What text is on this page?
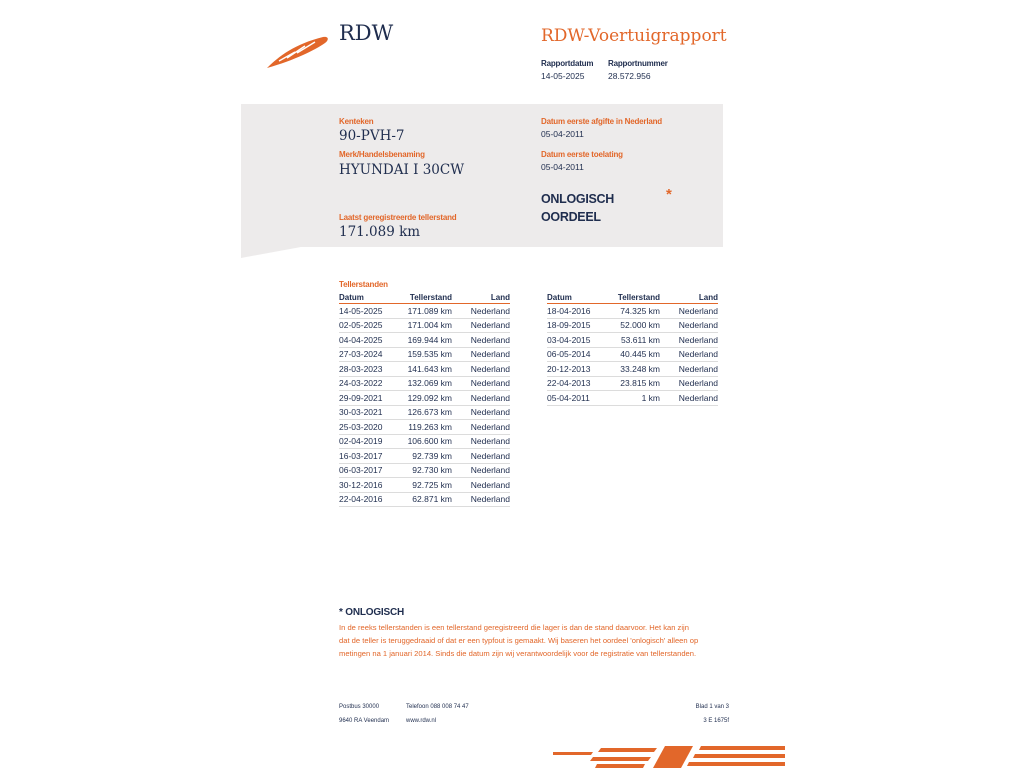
RDW	RDW-Voertuigrapport
Rapportdatum
14-05-2025
Rapportnummer
28.572.956
Kenteken
90-PVH-7
Merk/Handelsbenaming
HYUNDAI I 30CW
Laatst geregistreerde tellerstand
171.089 km
Datum eerste afgifte in Nederland
05-04-2011
Datum eerste toelating
05-04-2011
ONLOGISCH
OORDEEL
*
Tellerstanden
Datum	Tellerstand	Land
14-05-2025	171.089 km	Nederland
02-05-2025	171.004 km	Nederland
04-04-2025	169.944 km	Nederland
27-03-2024	159.535 km	Nederland
28-03-2023	141.643 km	Nederland
24-03-2022	132.069 km	Nederland
29-09-2021	129.092 km	Nederland
30-03-2021	126.673 km	Nederland
25-03-2020	119.263 km	Nederland
02-04-2019	106.600 km	Nederland
16-03-2017	92.739 km	Nederland
06-03-2017	92.730 km	Nederland
30-12-2016	92.725 km	Nederland
22-04-2016	62.871 km	Nederland
Datum	Tellerstand	Land
18-04-2016	74.325 km	Nederland
18-09-2015	52.000 km	Nederland
03-04-2015	53.611 km	Nederland
06-05-2014	40.445 km	Nederland
20-12-2013	33.248 km	Nederland
22-04-2013	23.815 km	Nederland
05-04-2011	1 km	Nederland
* ONLOGISCH
In de reeks tellerstanden is een tellerstand geregistreerd die lager is dan de stand daarvoor. Het kan zijn
dat de teller is teruggedraaid of dat er een typfout is gemaakt. Wij baseren het oordeel 'onlogisch' alleen op
metingen na 1 januari 2014. Sinds die datum zijn wij verantwoordelijk voor de registratie van tellerstanden.
Postbus 30000
9640 RA Veendam
Telefoon 088 008 74 47
www.rdw.nl
Blad 1 van 3
3 E 1675f
